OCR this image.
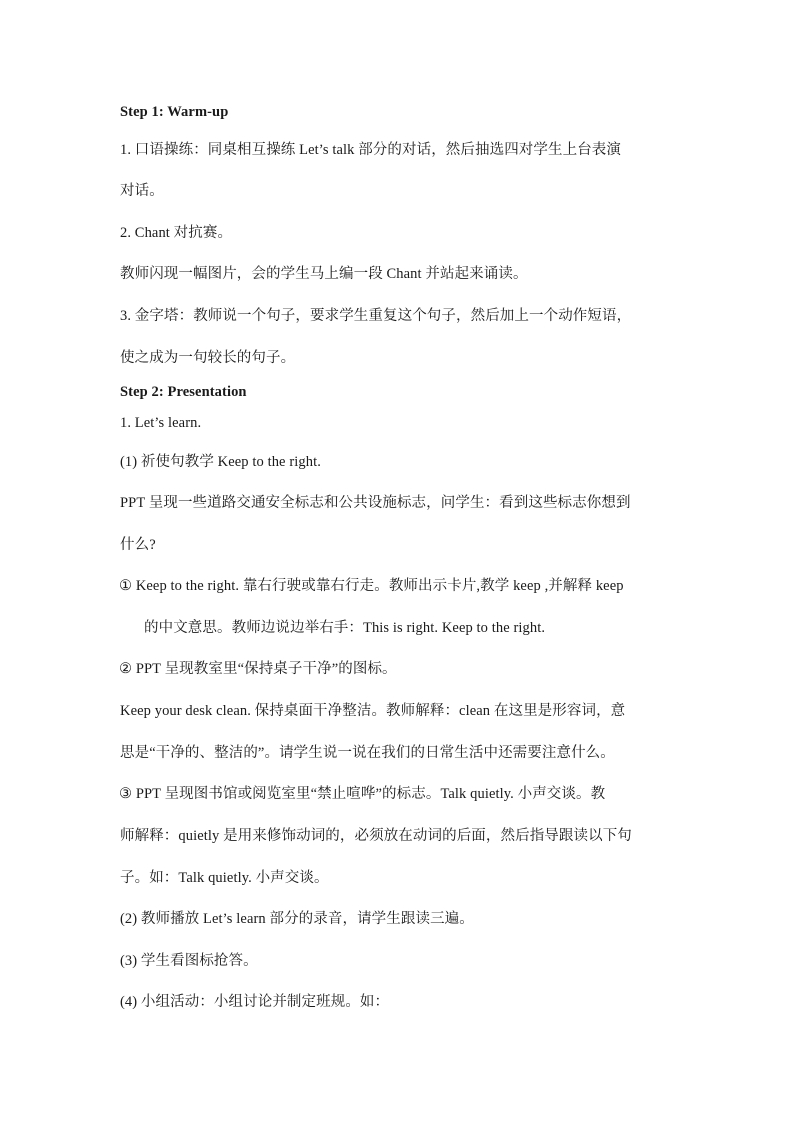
Step 1: Warm-up
1. 口语操练：同桌相互操练 Let’s talk 部分的对话，然后抽选四对学生上台表演
对话。
2. Chant 对抗赛。
教师闪现一幅图片，会的学生马上编一段 Chant 并站起来诵读。
3. 金字塔：教师说一个句子，要求学生重复这个句子，然后加上一个动作短语，
使之成为一句较长的句子。
Step 2: Presentation
1. Let’s learn.
(1) 祈使句教学 Keep to the right.
PPT 呈现一些道路交通安全标志和公共设施标志，问学生：看到这些标志你想到
什么?
① Keep to the right. 靠右行驶或靠右行走。教师出示卡片,教学 keep ,并解释 keep
的中文意思。教师边说边举右手：This is right. Keep to the right.
② PPT 呈现教室里“保持桌子干净”的图标。
Keep your desk clean. 保持桌面干净整洁。教师解释：clean 在这里是形容词，意
思是“干净的、整洁的”。请学生说一说在我们的日常生活中还需要注意什么。
③ PPT 呈现图书馆或阅览室里“禁止喧哗”的标志。Talk quietly. 小声交谈。教
师解释：quietly 是用来修饰动词的，必须放在动词的后面，然后指导跟读以下句
子。如：Talk quietly. 小声交谈。
(2) 教师播放 Let’s learn 部分的录音，请学生跟读三遍。
(3) 学生看图标抢答。
(4) 小组活动：小组讨论并制定班规。如：
